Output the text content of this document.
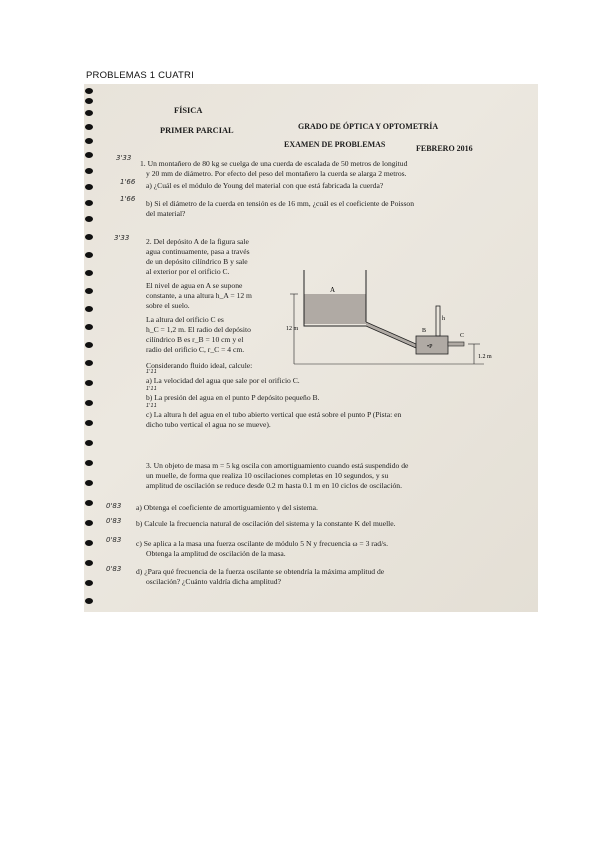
PROBLEMAS 1 CUATRI
FÍSICA
GRADO DE ÓPTICA Y OPTOMETRÍA
PRIMER PARCIAL
EXAMEN DE PROBLEMAS	FEBRERO 2016
3'33
1. Un montañero de 80 kg se cuelga de una cuerda de escalada de 50 metros de longitud
y 20 mm de diámetro. Por efecto del peso del montañero la cuerda se alarga 2 metros.
1'66 a) ¿Cuál es el módulo de Young del material con que está fabricada la cuerda?
1'66 b) Si el diámetro de la cuerda en tensión es de 16 mm, ¿cuál es el coeficiente de Poisson
del material?
3'33 2. Del depósito A de la figura sale
agua continuamente, pasa a través
de un depósito cilíndrico B y sale
al exterior por el orificio C.
El nivel de agua en A se supone
constante, a una altura h_A = 12 m
sobre el suelo.
La altura del orificio C es
h_C = 1,2 m. El radio del depósito
cilíndrico B es r_B = 10 cm y el
radio del orificio C, r_C = 4 cm.
Considerando fluido ideal, calcule:
1'11
a) La velocidad del agua que sale por el orificio C.
1'11
b) La presión del agua en el punto P depósito pequeño B.
1'11
c) La altura h del agua en el tubo abierto vertical que está sobre el punto P (Pista: en
dicho tubo vertical el agua no se mueve).
A
B
•P
h
C
12 m
1.2 m
3. Un objeto de masa m = 5 kg oscila con amortiguamiento cuando está suspendido de
un muelle, de forma que realiza 10 oscilaciones completas en 10 segundos, y su
amplitud de oscilación se reduce desde 0.2 m hasta 0.1 m en 10 ciclos de oscilación.
0'83 a) Obtenga el coeficiente de amortiguamiento γ del sistema.
0'83 b) Calcule la frecuencia natural de oscilación del sistema y la constante K del muelle.
0'83 c) Se aplica a la masa una fuerza oscilante de módulo 5 N y frecuencia ω = 3 rad/s.
Obtenga la amplitud de oscilación de la masa.
0'83 d) ¿Para qué frecuencia de la fuerza oscilante se obtendría la máxima amplitud de
oscilación? ¿Cuánto valdría dicha amplitud?
